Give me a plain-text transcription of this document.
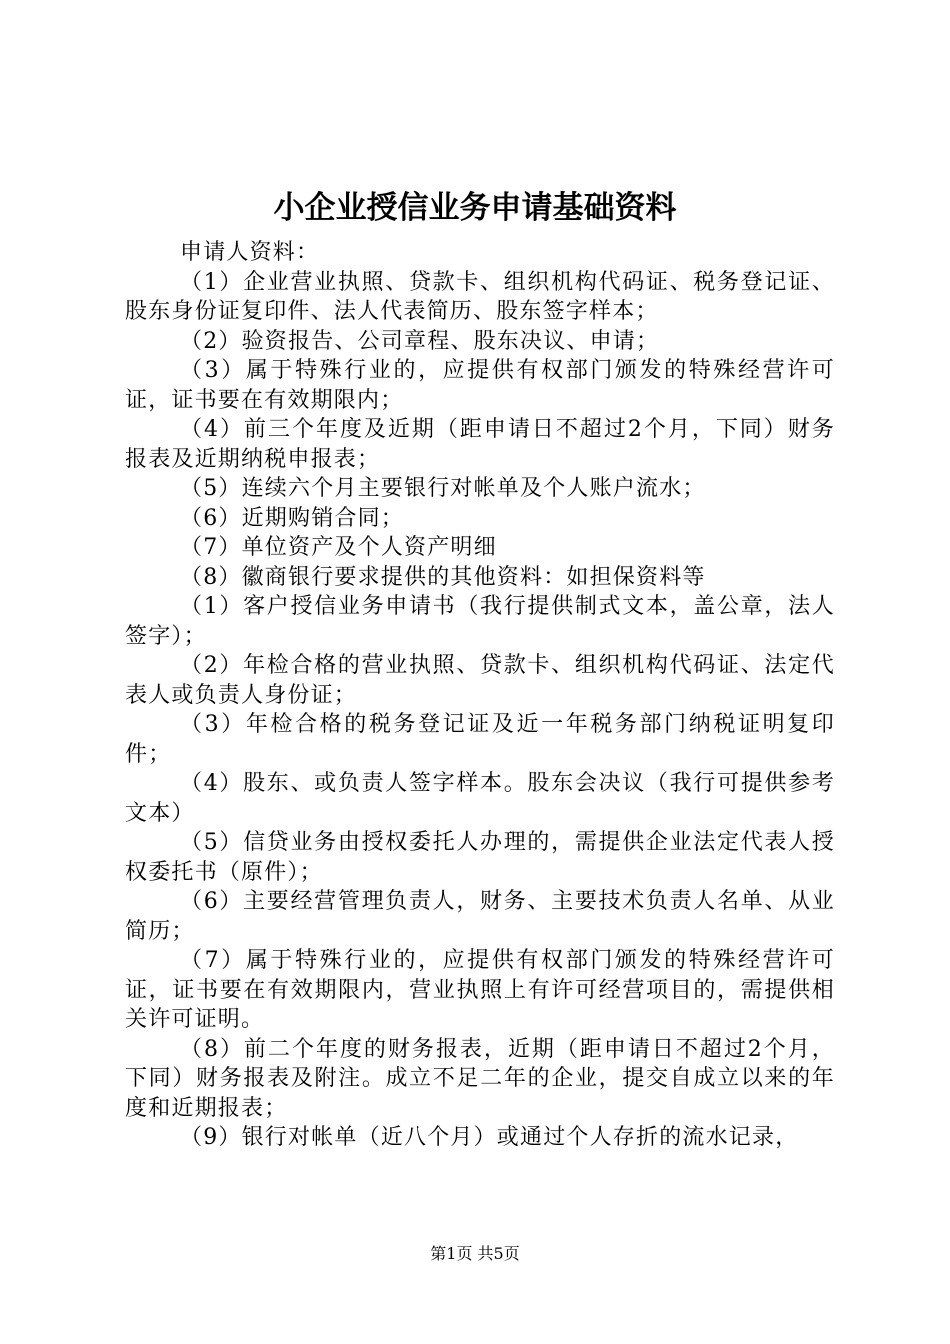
小企业授信业务申请基础资料

申请人资料：

（1）企业营业执照、贷款卡、组织机构代码证、税务登记证、股东身份证复印件、法人代表简历、股东签字样本；

（2）验资报告、公司章程、股东决议、申请；

（3）属于特殊行业的，应提供有权部门颁发的特殊经营许可证，证书要在有效期限内；

（4）前三个年度及近期（距申请日不超过2个月，下同）财务报表及近期纳税申报表；

（5）连续六个月主要银行对帐单及个人账户流水；

（6）近期购销合同；

（7）单位资产及个人资产明细

（8）徽商银行要求提供的其他资料：如担保资料等

（1）客户授信业务申请书（我行提供制式文本，盖公章，法人签字）；

（2）年检合格的营业执照、贷款卡、组织机构代码证、法定代表人或负责人身份证；

（3）年检合格的税务登记证及近一年税务部门纳税证明复印件；

（4）股东、或负责人签字样本。股东会决议（我行可提供参考文本）

（5）信贷业务由授权委托人办理的，需提供企业法定代表人授权委托书（原件）；

（6）主要经营管理负责人，财务、主要技术负责人名单、从业简历；

（7）属于特殊行业的，应提供有权部门颁发的特殊经营许可证，证书要在有效期限内，营业执照上有许可经营项目的，需提供相关许可证明。

（8）前二个年度的财务报表，近期（距申请日不超过2个月，下同）财务报表及附注。成立不足二年的企业，提交自成立以来的年度和近期报表；

（9）银行对帐单（近八个月）或通过个人存折的流水记录，

第1页 共5页
